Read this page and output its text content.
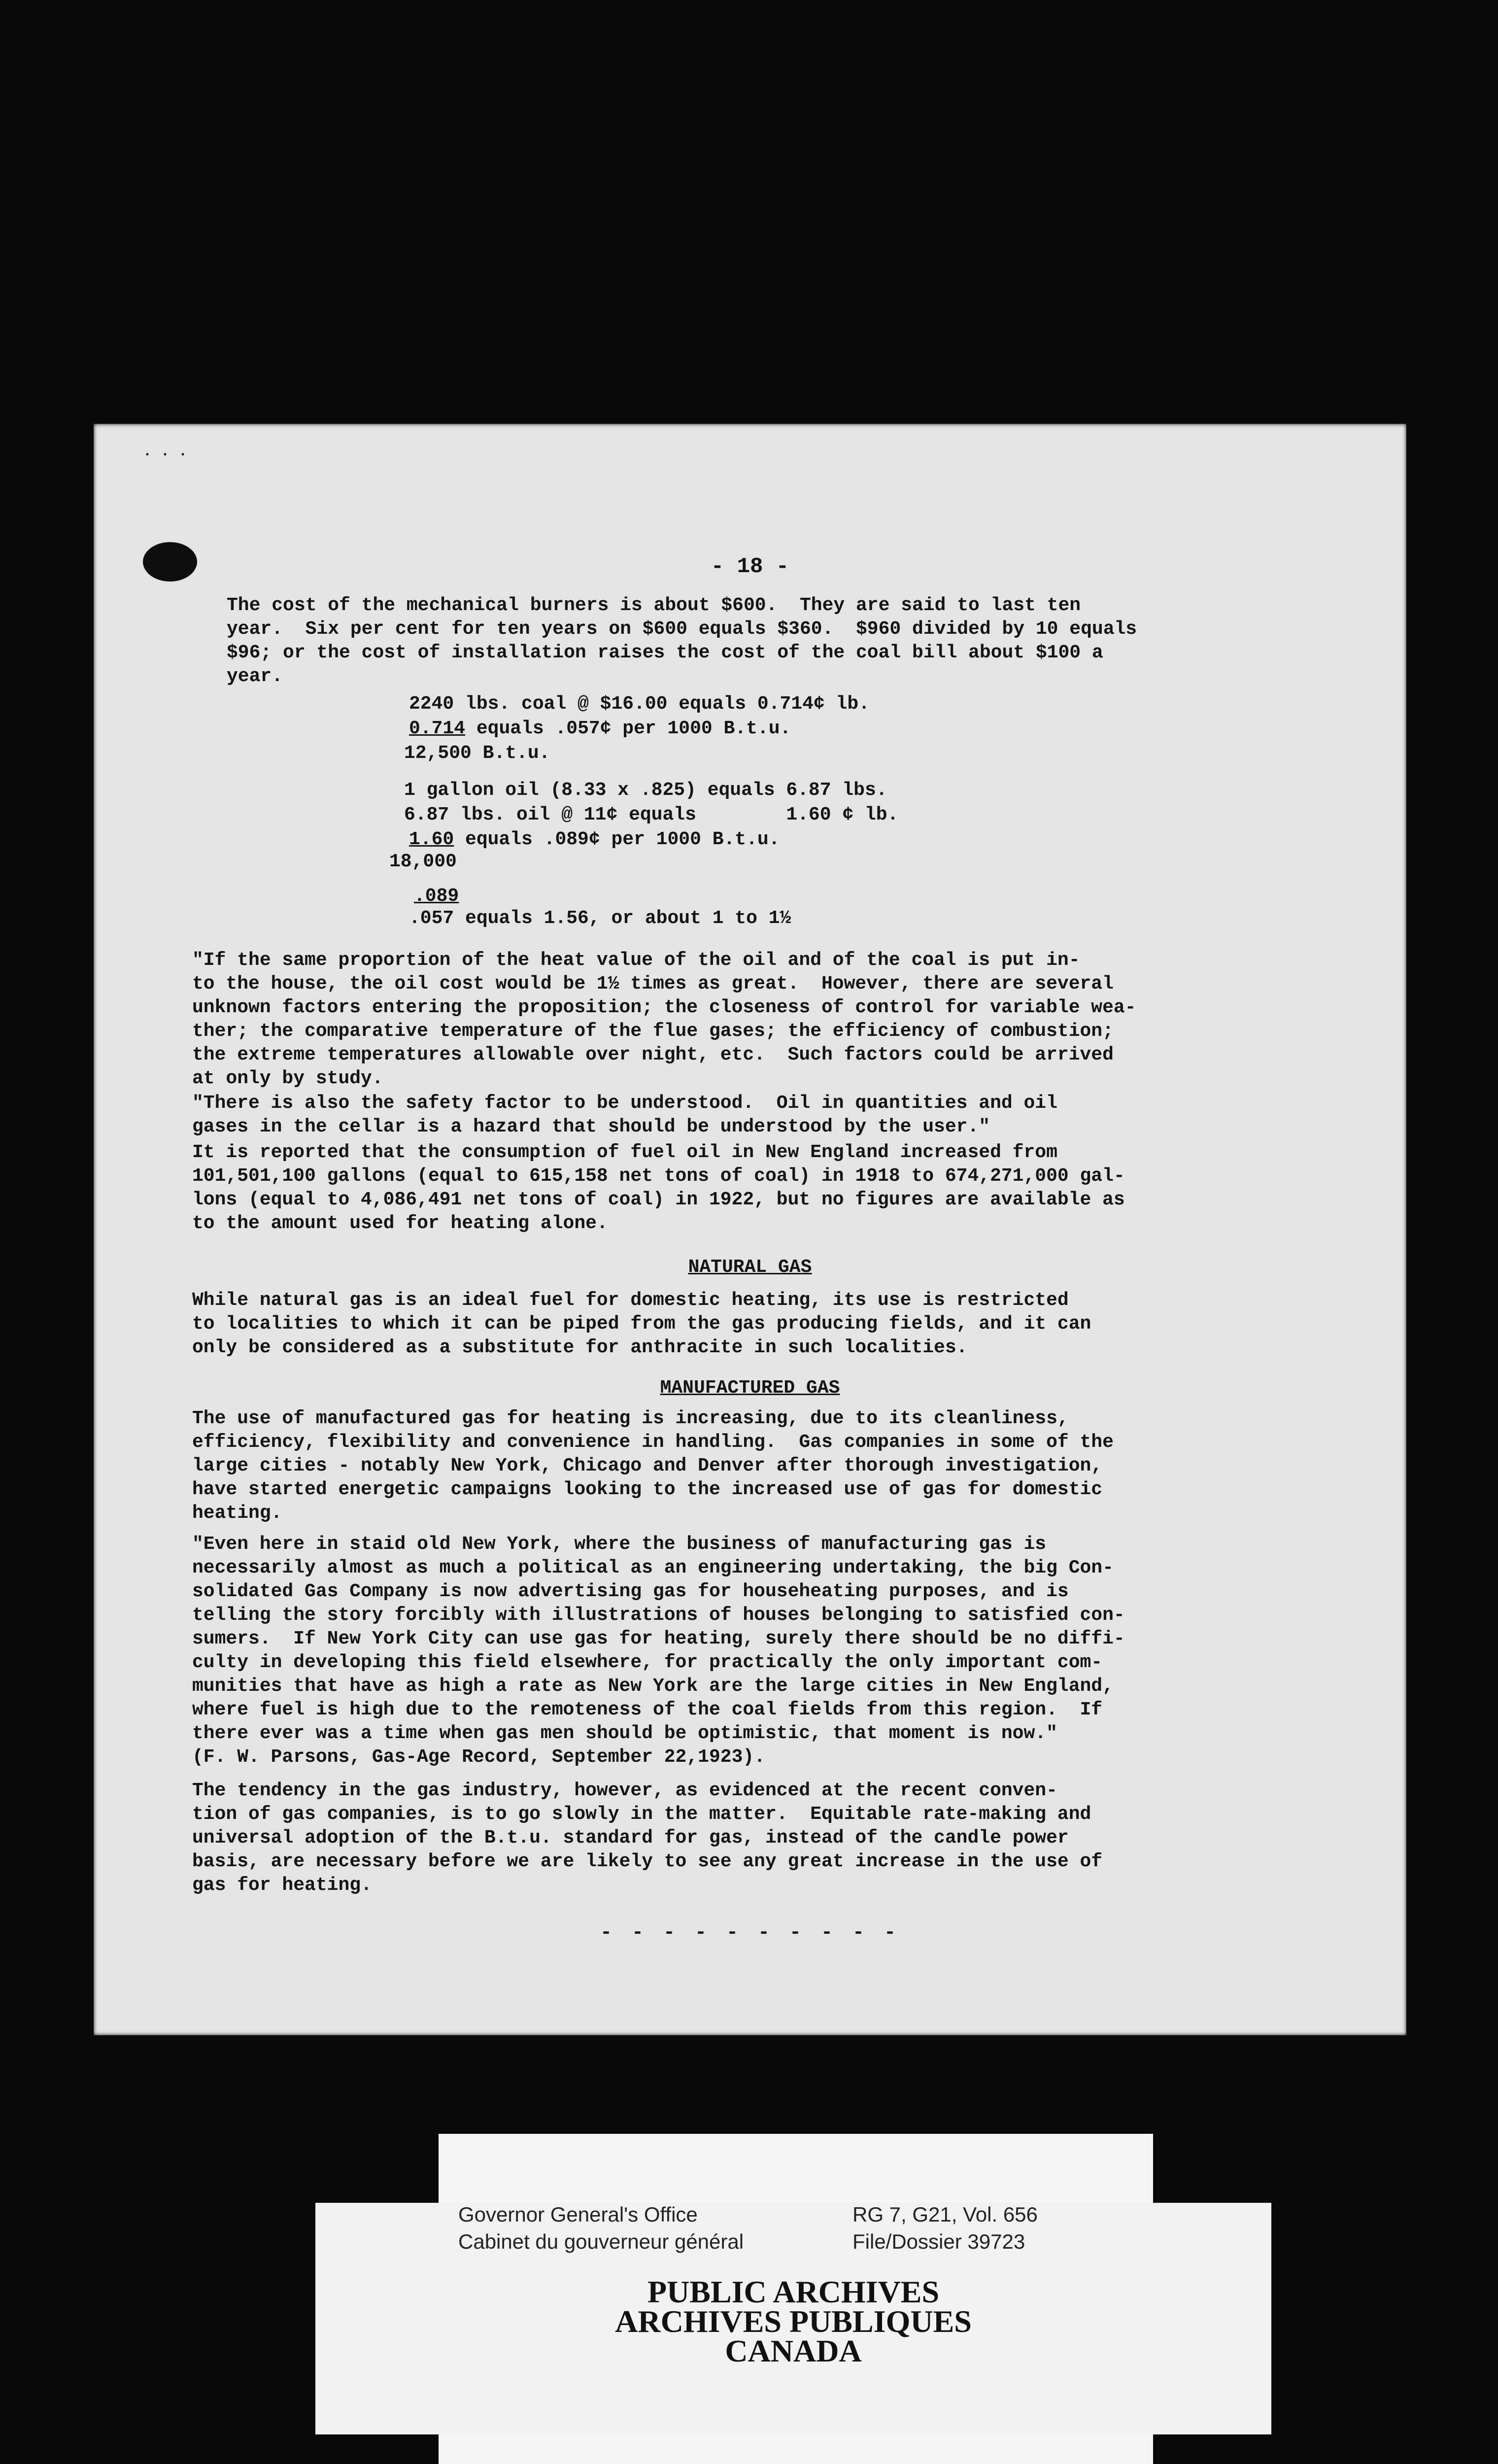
. . .
- 18 -
The cost of the mechanical burners is about $600.  They are said to last ten
year.  Six per cent for ten years on $600 equals $360.  $960 divided by 10 equals
$96; or the cost of installation raises the cost of the coal bill about $100 a
year.
2240 lbs. coal @ $16.00 equals 0.714¢ lb.
0.714 equals .057¢ per 1000 B.t.u.
12,500 B.t.u.
1 gallon oil (8.33 x .825) equals 6.87 lbs.
6.87 lbs. oil @ 11¢ equals        1.60 ¢ lb.
1.60 equals .089¢ per 1000 B.t.u.
18,000
.089
.057 equals 1.56, or about 1 to 1½
"If the same proportion of the heat value of the oil and of the coal is put in-
to the house, the oil cost would be 1½ times as great.  However, there are several
unknown factors entering the proposition; the closeness of control for variable wea-
ther; the comparative temperature of the flue gases; the efficiency of combustion;
the extreme temperatures allowable over night, etc.  Such factors could be arrived
at only by study.
"There is also the safety factor to be understood.  Oil in quantities and oil
gases in the cellar is a hazard that should be understood by the user."
It is reported that the consumption of fuel oil in New England increased from
101,501,100 gallons (equal to 615,158 net tons of coal) in 1918 to 674,271,000 gal-
lons (equal to 4,086,491 net tons of coal) in 1922, but no figures are available as
to the amount used for heating alone.
NATURAL GAS
While natural gas is an ideal fuel for domestic heating, its use is restricted
to localities to which it can be piped from the gas producing fields, and it can
only be considered as a substitute for anthracite in such localities.
MANUFACTURED GAS
The use of manufactured gas for heating is increasing, due to its cleanliness,
efficiency, flexibility and convenience in handling.  Gas companies in some of the
large cities - notably New York, Chicago and Denver after thorough investigation,
have started energetic campaigns looking to the increased use of gas for domestic
heating.
"Even here in staid old New York, where the business of manufacturing gas is
necessarily almost as much a political as an engineering undertaking, the big Con-
solidated Gas Company is now advertising gas for househeating purposes, and is
telling the story forcibly with illustrations of houses belonging to satisfied con-
sumers.  If New York City can use gas for heating, surely there should be no diffi-
culty in developing this field elsewhere, for practically the only important com-
munities that have as high a rate as New York are the large cities in New England,
where fuel is high due to the remoteness of the coal fields from this region.  If
there ever was a time when gas men should be optimistic, that moment is now."
(F. W. Parsons, Gas-Age Record, September 22,1923).
The tendency in the gas industry, however, as evidenced at the recent conven-
tion of gas companies, is to go slowly in the matter.  Equitable rate-making and
universal adoption of the B.t.u. standard for gas, instead of the candle power
basis, are necessary before we are likely to see any great increase in the use of
gas for heating.
- - - - - - - - - -
Governor General's Office
Cabinet du gouverneur général
RG 7, G21, Vol. 656
File/Dossier 39723
PUBLIC ARCHIVES
ARCHIVES PUBLIQUES
CANADA
